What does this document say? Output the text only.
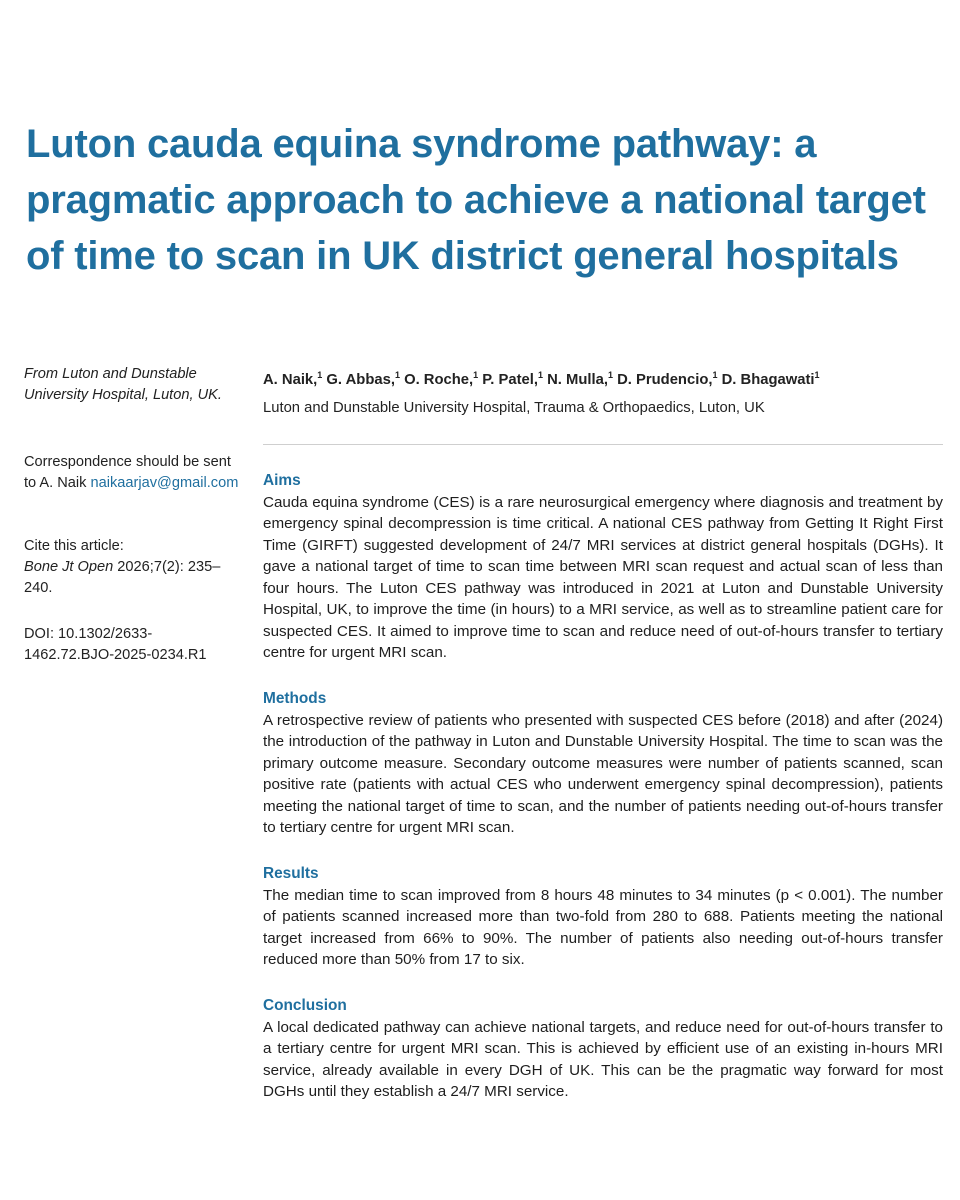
Luton cauda equina syndrome pathway: a pragmatic approach to achieve a national target of time to scan in UK district general hospitals

From Luton and Dunstable University Hospital, Luton, UK.

Correspondence should be sent to A. Naik naikaarjav@gmail.com

Cite this article:
Bone Jt Open 2026;7(2): 235–240.

DOI: 10.1302/2633-1462.72.BJO-2025-0234.R1

A. Naik,$^1$ G. Abbas,$^1$ O. Roche,$^1$ P. Patel,$^1$ N. Mulla,$^1$ D. Prudencio,$^1$ D. Bhagawati$^1$

Luton and Dunstable University Hospital, Trauma & Orthopaedics, Luton, UK

Aims

Cauda equina syndrome (CES) is a rare neurosurgical emergency where diagnosis and treatment by emergency spinal decompression is time critical. A national CES pathway from Getting It Right First Time (GIRFT) suggested development of 24/7 MRI services at district general hospitals (DGHs). It gave a national target of time to scan time between MRI scan request and actual scan of less than four hours. The Luton CES pathway was introduced in 2021 at Luton and Dunstable University Hospital, UK, to improve the time (in hours) to a MRI service, as well as to streamline patient care for suspected CES. It aimed to improve time to scan and reduce need of out-of-hours transfer to tertiary centre for urgent MRI scan.

Methods

A retrospective review of patients who presented with suspected CES before (2018) and after (2024) the introduction of the pathway in Luton and Dunstable University Hospital. The time to scan was the primary outcome measure. Secondary outcome measures were number of patients scanned, scan positive rate (patients with actual CES who underwent emergency spinal decompression), patients meeting the national target of time to scan, and the number of patients needing out-of-hours transfer to tertiary centre for urgent MRI scan.

Results

The median time to scan improved from 8 hours 48 minutes to 34 minutes (p < 0.001). The number of patients scanned increased more than two-fold from 280 to 688. Patients meeting the national target increased from 66% to 90%. The number of patients also needing out-of-hours transfer reduced more than 50% from 17 to six.

Conclusion

A local dedicated pathway can achieve national targets, and reduce need for out-of-hours transfer to a tertiary centre for urgent MRI scan. This is achieved by efficient use of an existing in-hours MRI service, already available in every DGH of UK. This can be the pragmatic way forward for most DGHs until they establish a 24/7 MRI service.
